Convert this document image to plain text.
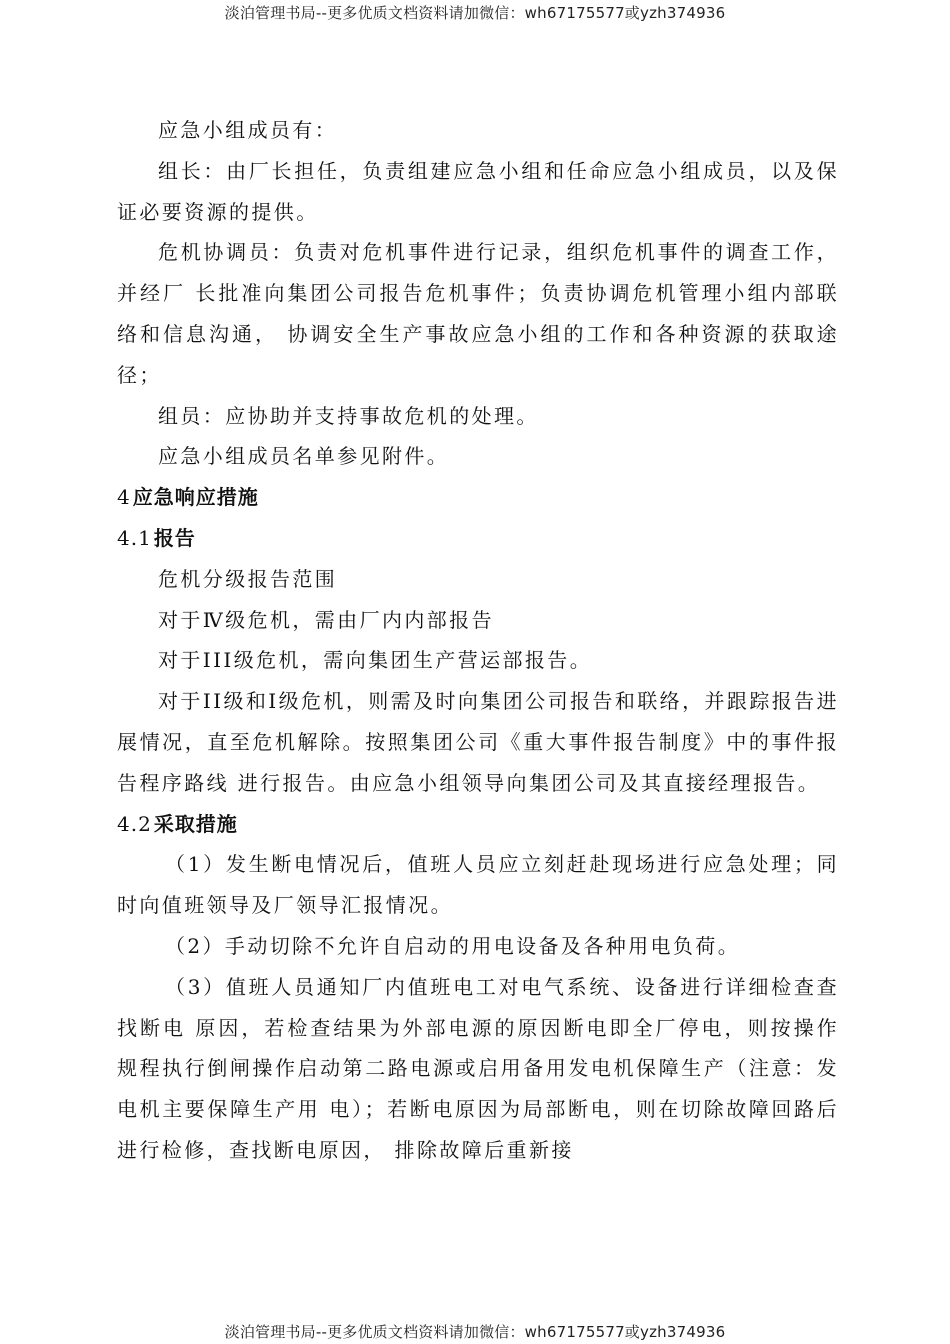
淡泊管理书局--更多优质文档资料请加微信：wh67175577或yzh374936

应急小组成员有：

组长：由厂长担任，负责组建应急小组和任命应急小组成员，以及保证必要资源的提供。

危机协调员：负责对危机事件进行记录，组织危机事件的调查工作，并经厂 长批准向集团公司报告危机事件；负责协调危机管理小组内部联络和信息沟通， 协调安全生产事故应急小组的工作和各种资源的获取途径；

组员：应协助并支持事故危机的处理。

应急小组成员名单参见附件。

4 应急响应措施

4.1 报告

危机分级报告范围

对于Ⅳ级危机，需由厂内内部报告

对于III级危机，需向集团生产营运部报告。

对于II级和Ⅰ级危机，则需及时向集团公司报告和联络，并跟踪报告进展情况，直至危机解除。按照集团公司《重大事件报告制度》中的事件报告程序路线 进行报告。由应急小组领导向集团公司及其直接经理报告。

4.2 采取措施

（1）发生断电情况后，值班人员应立刻赶赴现场进行应急处理；同时向值班领导及厂领导汇报情况。

（2）手动切除不允许自启动的用电设备及各种用电负荷。

（3）值班人员通知厂内值班电工对电气系统、设备进行详细检查查找断电 原因，若检查结果为外部电源的原因断电即全厂停电，则按操作规程执行倒闸操作启动第二路电源或启用备用发电机保障生产（注意：发电机主要保障生产用 电）；若断电原因为局部断电，则在切除故障回路后进行检修，查找断电原因， 排除故障后重新接

淡泊管理书局--更多优质文档资料请加微信：wh67175577或yzh374936
